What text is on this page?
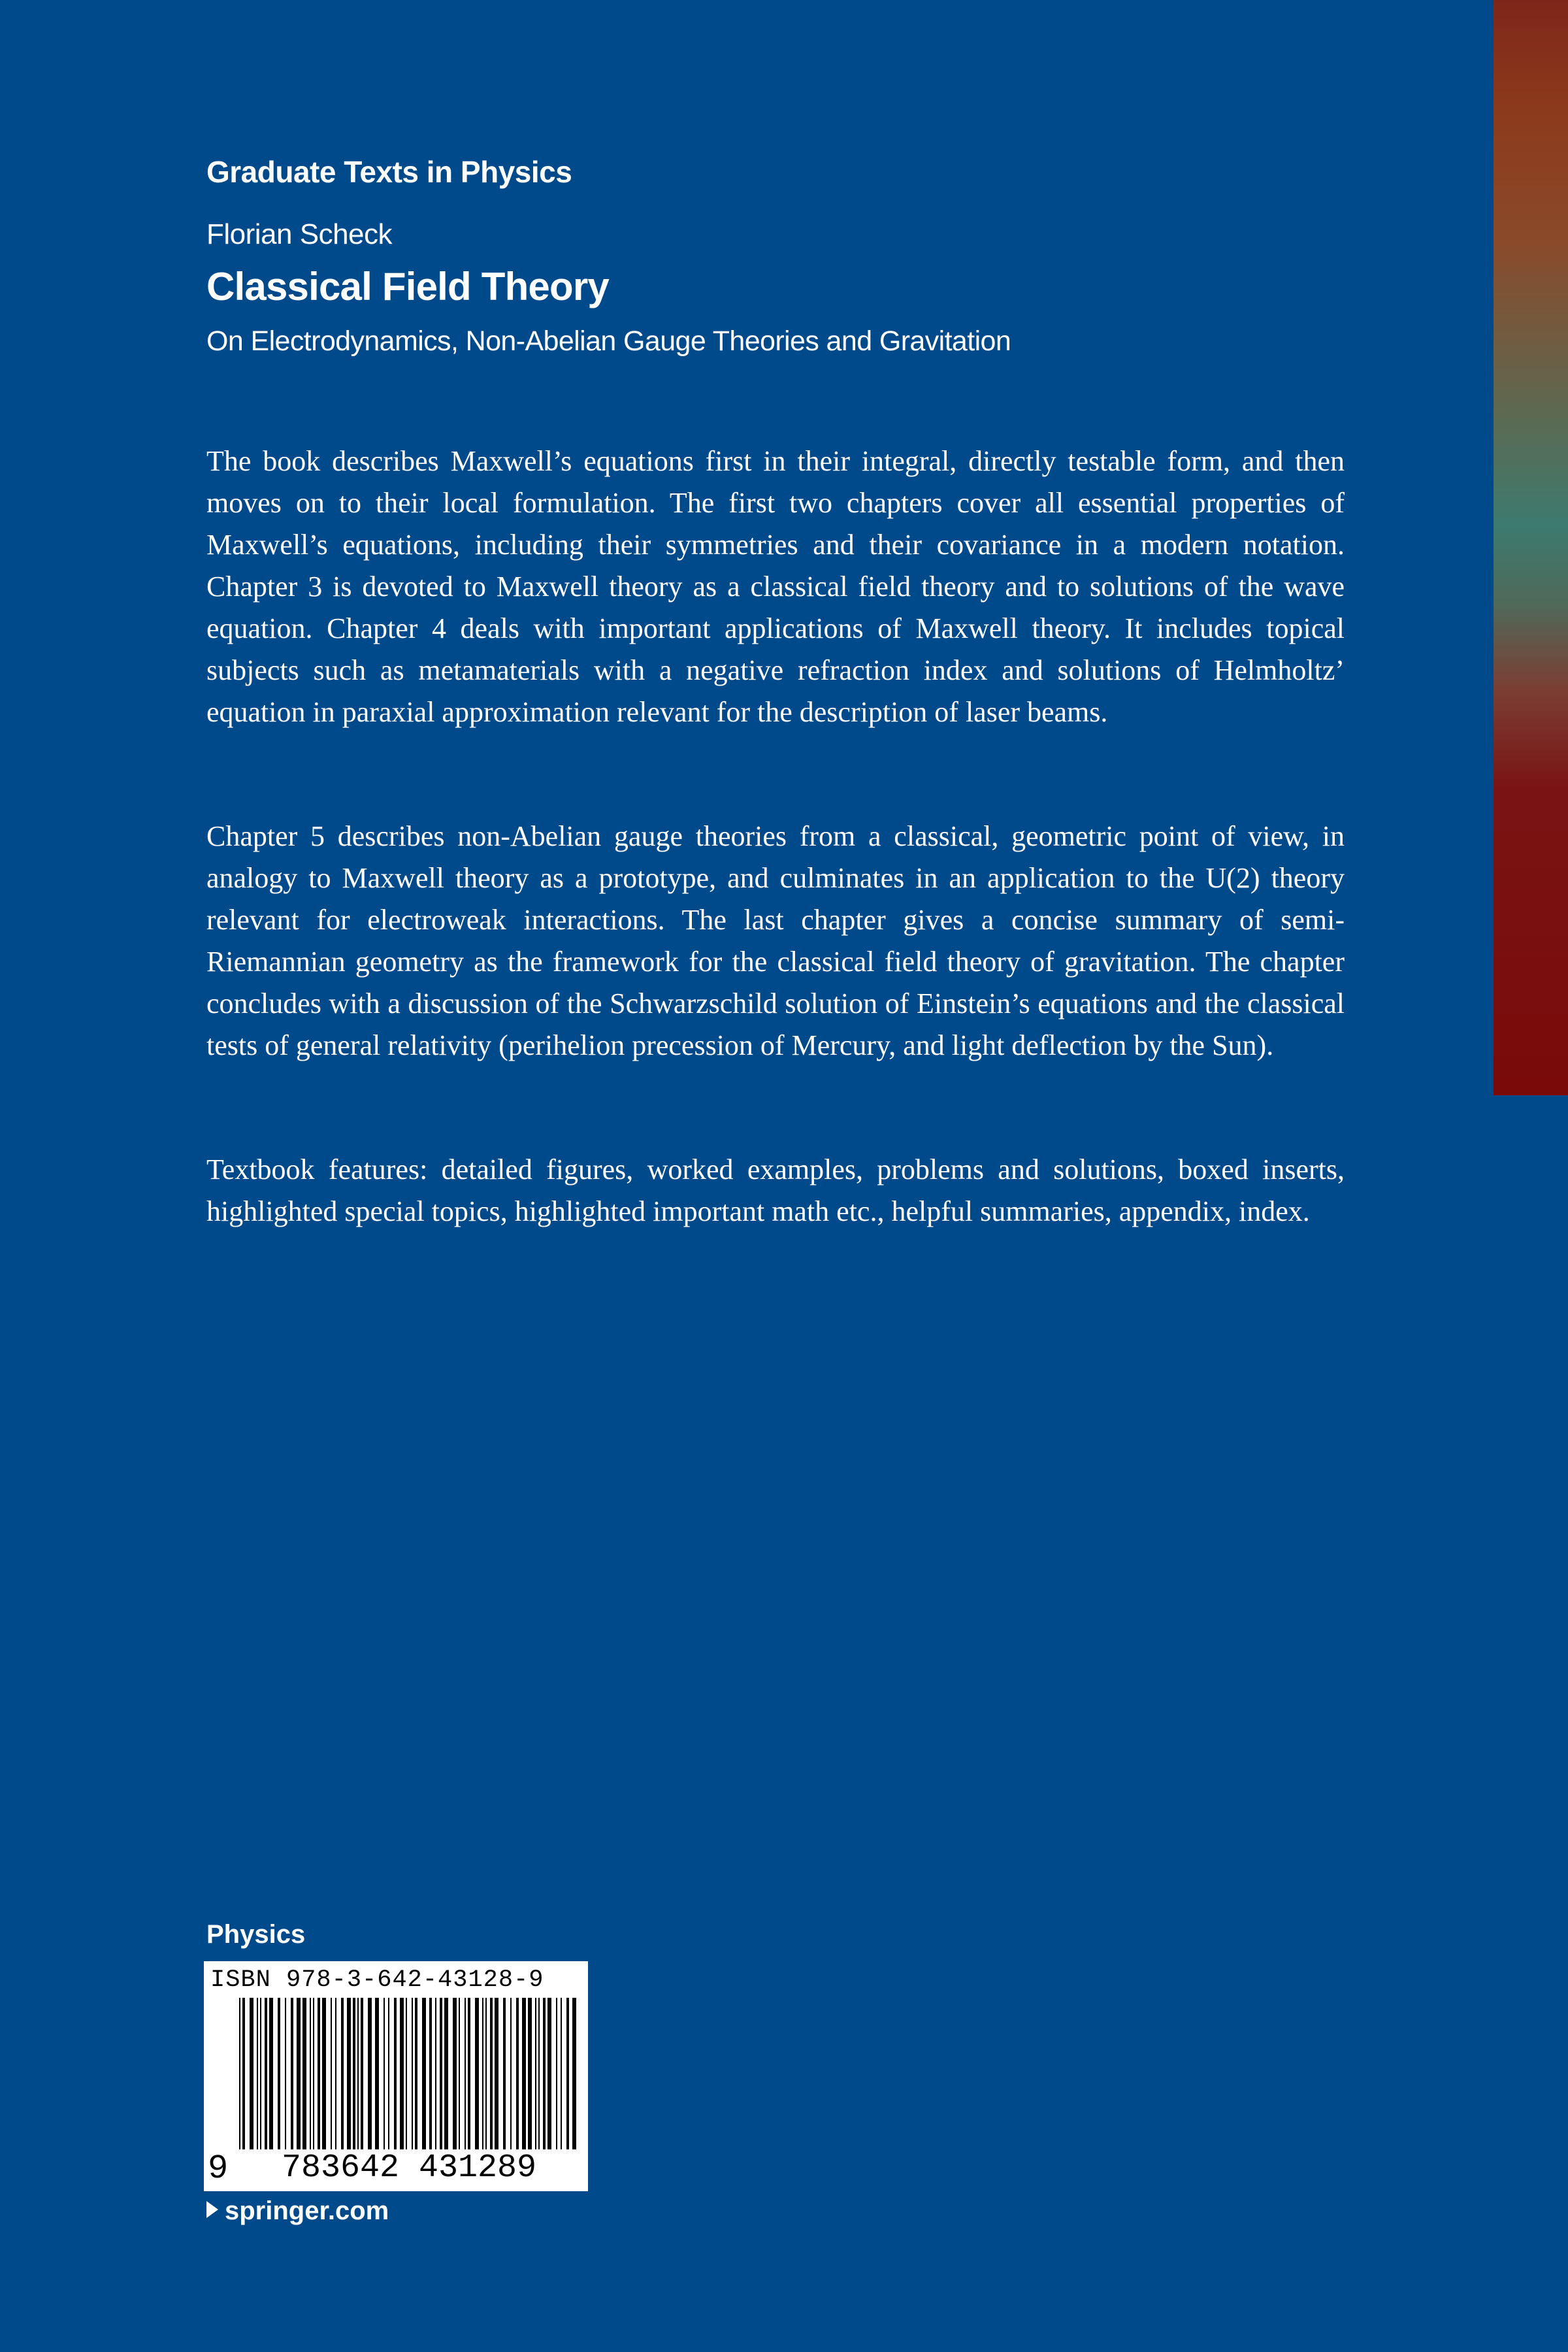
Graduate Texts in Physics

Florian Scheck

Classical Field Theory

On Electrodynamics, Non-Abelian Gauge Theories and Gravitation

The book describes Maxwell’s equations first in their integral, directly testable form, and then moves on to their local formulation. The first two chapters cover all essential properties of Maxwell’s equations, including their symmetries and their covariance in a modern notation. Chapter 3 is devoted to Maxwell theory as a classical field theory and to solutions of the wave equation. Chapter 4 deals with important applications of Maxwell theory. It includes topical subjects such as metamaterials with a negative refraction index and solutions of Helmholtz’ equation in paraxial approximation relevant for the description of laser beams.

Chapter 5 describes non-Abelian gauge theories from a classical, geometric point of view, in analogy to Maxwell theory as a prototype, and culminates in an application to the U(2) theory relevant for electroweak interactions. The last chapter gives a concise summary of semi-Riemannian geometry as the framework for the classical field theory of gravitation. The chapter concludes with a discussion of the Schwarzschild solution of Einstein’s equations and the classical tests of general relativity (perihelion precession of Mercury, and light deflection by the Sun).

Textbook features: detailed figures, worked examples, problems and solutions, boxed inserts, highlighted special topics, highlighted important math etc., helpful summaries, appendix, index.

Physics

ISBN 978-3-642-43128-9
9	783642 431289

springer.com
